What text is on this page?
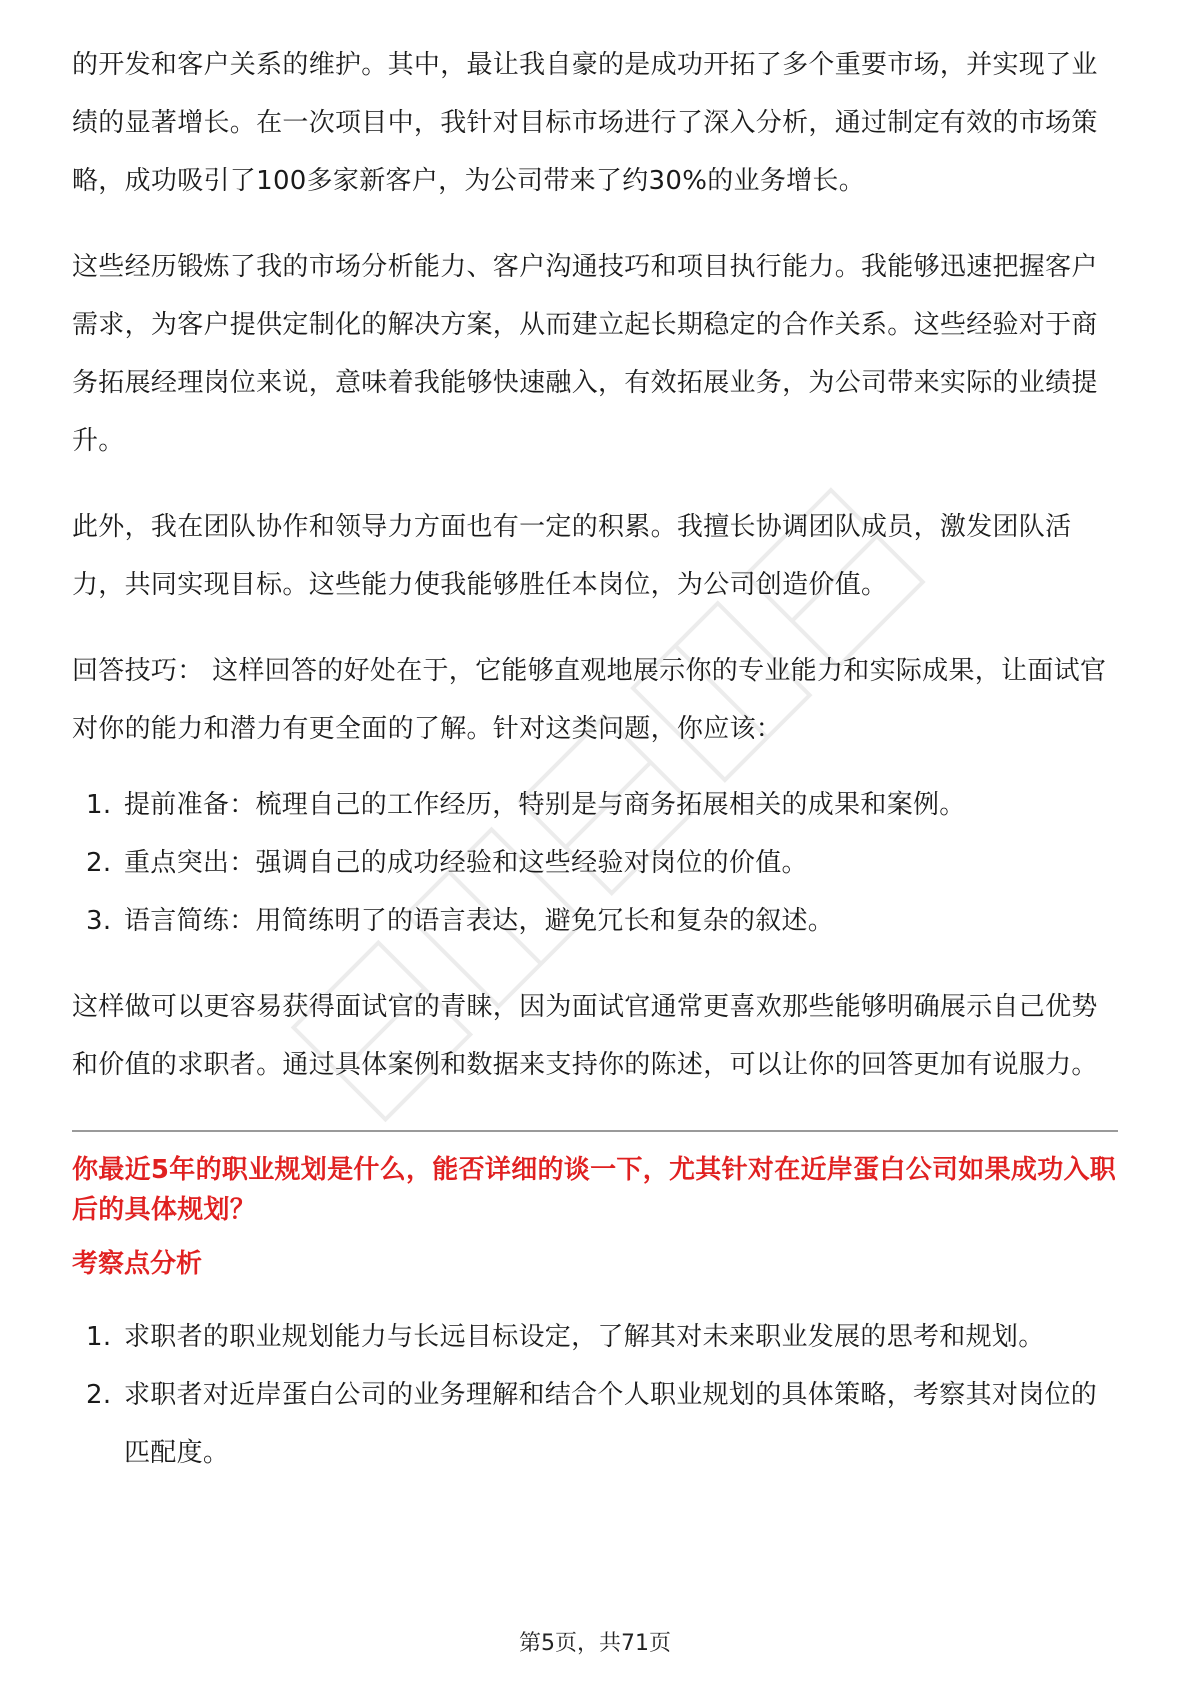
的开发和客户关系的维护。其中，最让我自豪的是成功开拓了多个重要市场，并实现了业绩的显著增长。在一次项目中，我针对目标市场进行了深入分析，通过制定有效的市场策略，成功吸引了100多家新客户，为公司带来了约30%的业务增长。

这些经历锻炼了我的市场分析能力、客户沟通技巧和项目执行能力。我能够迅速把握客户需求，为客户提供定制化的解决方案，从而建立起长期稳定的合作关系。这些经验对于商务拓展经理岗位来说，意味着我能够快速融入，有效拓展业务，为公司带来实际的业绩提升。

此外，我在团队协作和领导力方面也有一定的积累。我擅长协调团队成员，激发团队活力，共同实现目标。这些能力使我能够胜任本岗位，为公司创造价值。

回答技巧： 这样回答的好处在于，它能够直观地展示你的专业能力和实际成果，让面试官对你的能力和潜力有更全面的了解。针对这类问题，你应该：

1. 提前准备：梳理自己的工作经历，特别是与商务拓展相关的成果和案例。
2. 重点突出：强调自己的成功经验和这些经验对岗位的价值。
3. 语言简练：用简练明了的语言表达，避免冗长和复杂的叙述。

这样做可以更容易获得面试官的青睐，因为面试官通常更喜欢那些能够明确展示自己优势和价值的求职者。通过具体案例和数据来支持你的陈述，可以让你的回答更加有说服力。

你最近5年的职业规划是什么，能否详细的谈一下，尤其针对在近岸蛋白公司如果成功入职后的具体规划？

考察点分析

1. 求职者的职业规划能力与长远目标设定，了解其对未来职业发展的思考和规划。
2. 求职者对近岸蛋白公司的业务理解和结合个人职业规划的具体策略，考察其对岗位的匹配度。
第5页，共71页
